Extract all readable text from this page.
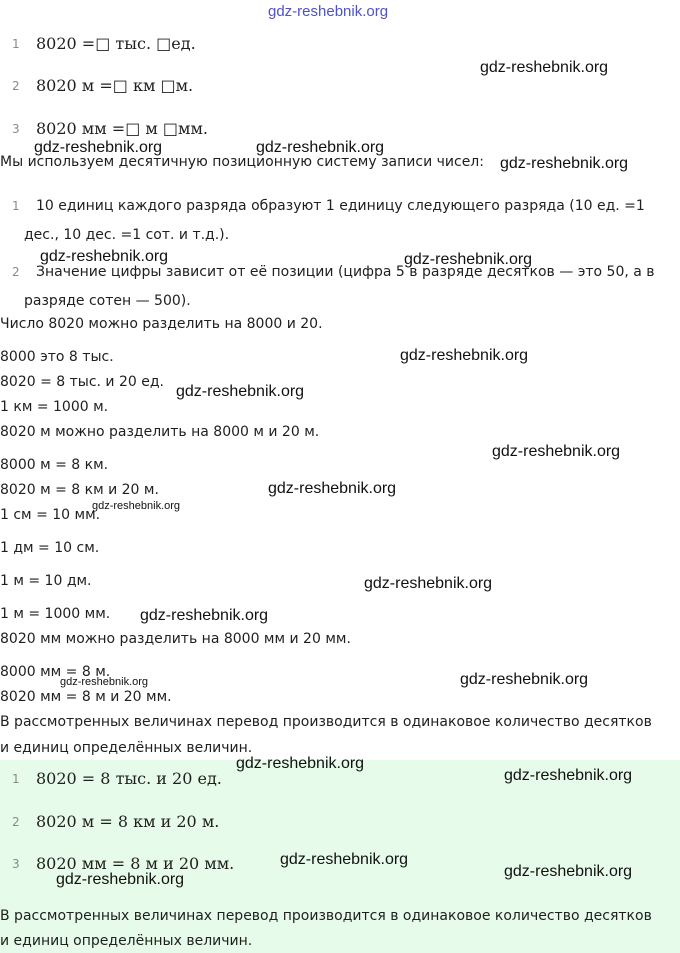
1 8020 =□ тыс. □ед.
2 8020 м =□ км □м.
3 8020 мм =□ м □мм.
Мы используем десятичную позиционную систему записи чисел:
1 10 единиц каждого разряда образуют 1 единицу следующего разряда (10 ед. =1
дес., 10 дес. =1 сот. и т.д.).
2 Значение цифры зависит от её позиции (цифра 5 в разряде десятков — это 50, а в
разряде сотен — 500).
Число 8020 можно разделить на 8000 и 20.
8000 это 8 тыс.
8020 = 8 тыс. и 20 ед.
1 км = 1000 м.
8020 м можно разделить на 8000 м и 20 м.
8000 м = 8 км.
8020 м = 8 км и 20 м.
1 см = 10 мм.
1 дм = 10 см.
1 м = 10 дм.
1 м = 1000 мм.
8020 мм можно разделить на 8000 мм и 20 мм.
8000 мм = 8 м.
8020 мм = 8 м и 20 мм.
В рассмотренных величинах перевод производится в одинаковое количество десятков
и единиц определённых величин.
1 8020 = 8 тыс. и 20 ед.
2 8020 м = 8 км и 20 м.
3 8020 мм = 8 м и 20 мм.
В рассмотренных величинах перевод производится в одинаковое количество десятков
и единиц определённых величин.
gdz-reshebnik.org
gdz-reshebnik.org
gdz-reshebnik.org	gdz-reshebnik.org
gdz-reshebnik.org
gdz-reshebnik.org	gdz-reshebnik.org
gdz-reshebnik.org
gdz-reshebnik.org
gdz-reshebnik.org
gdz-reshebnik.org
gdz-reshebnik.org
gdz-reshebnik.org
gdz-reshebnik.org
gdz-reshebnik.org	gdz-reshebnik.org
gdz-reshebnik.org
gdz-reshebnik.org
gdz-reshebnik.org
gdz-reshebnik.org
gdz-reshebnik.org
